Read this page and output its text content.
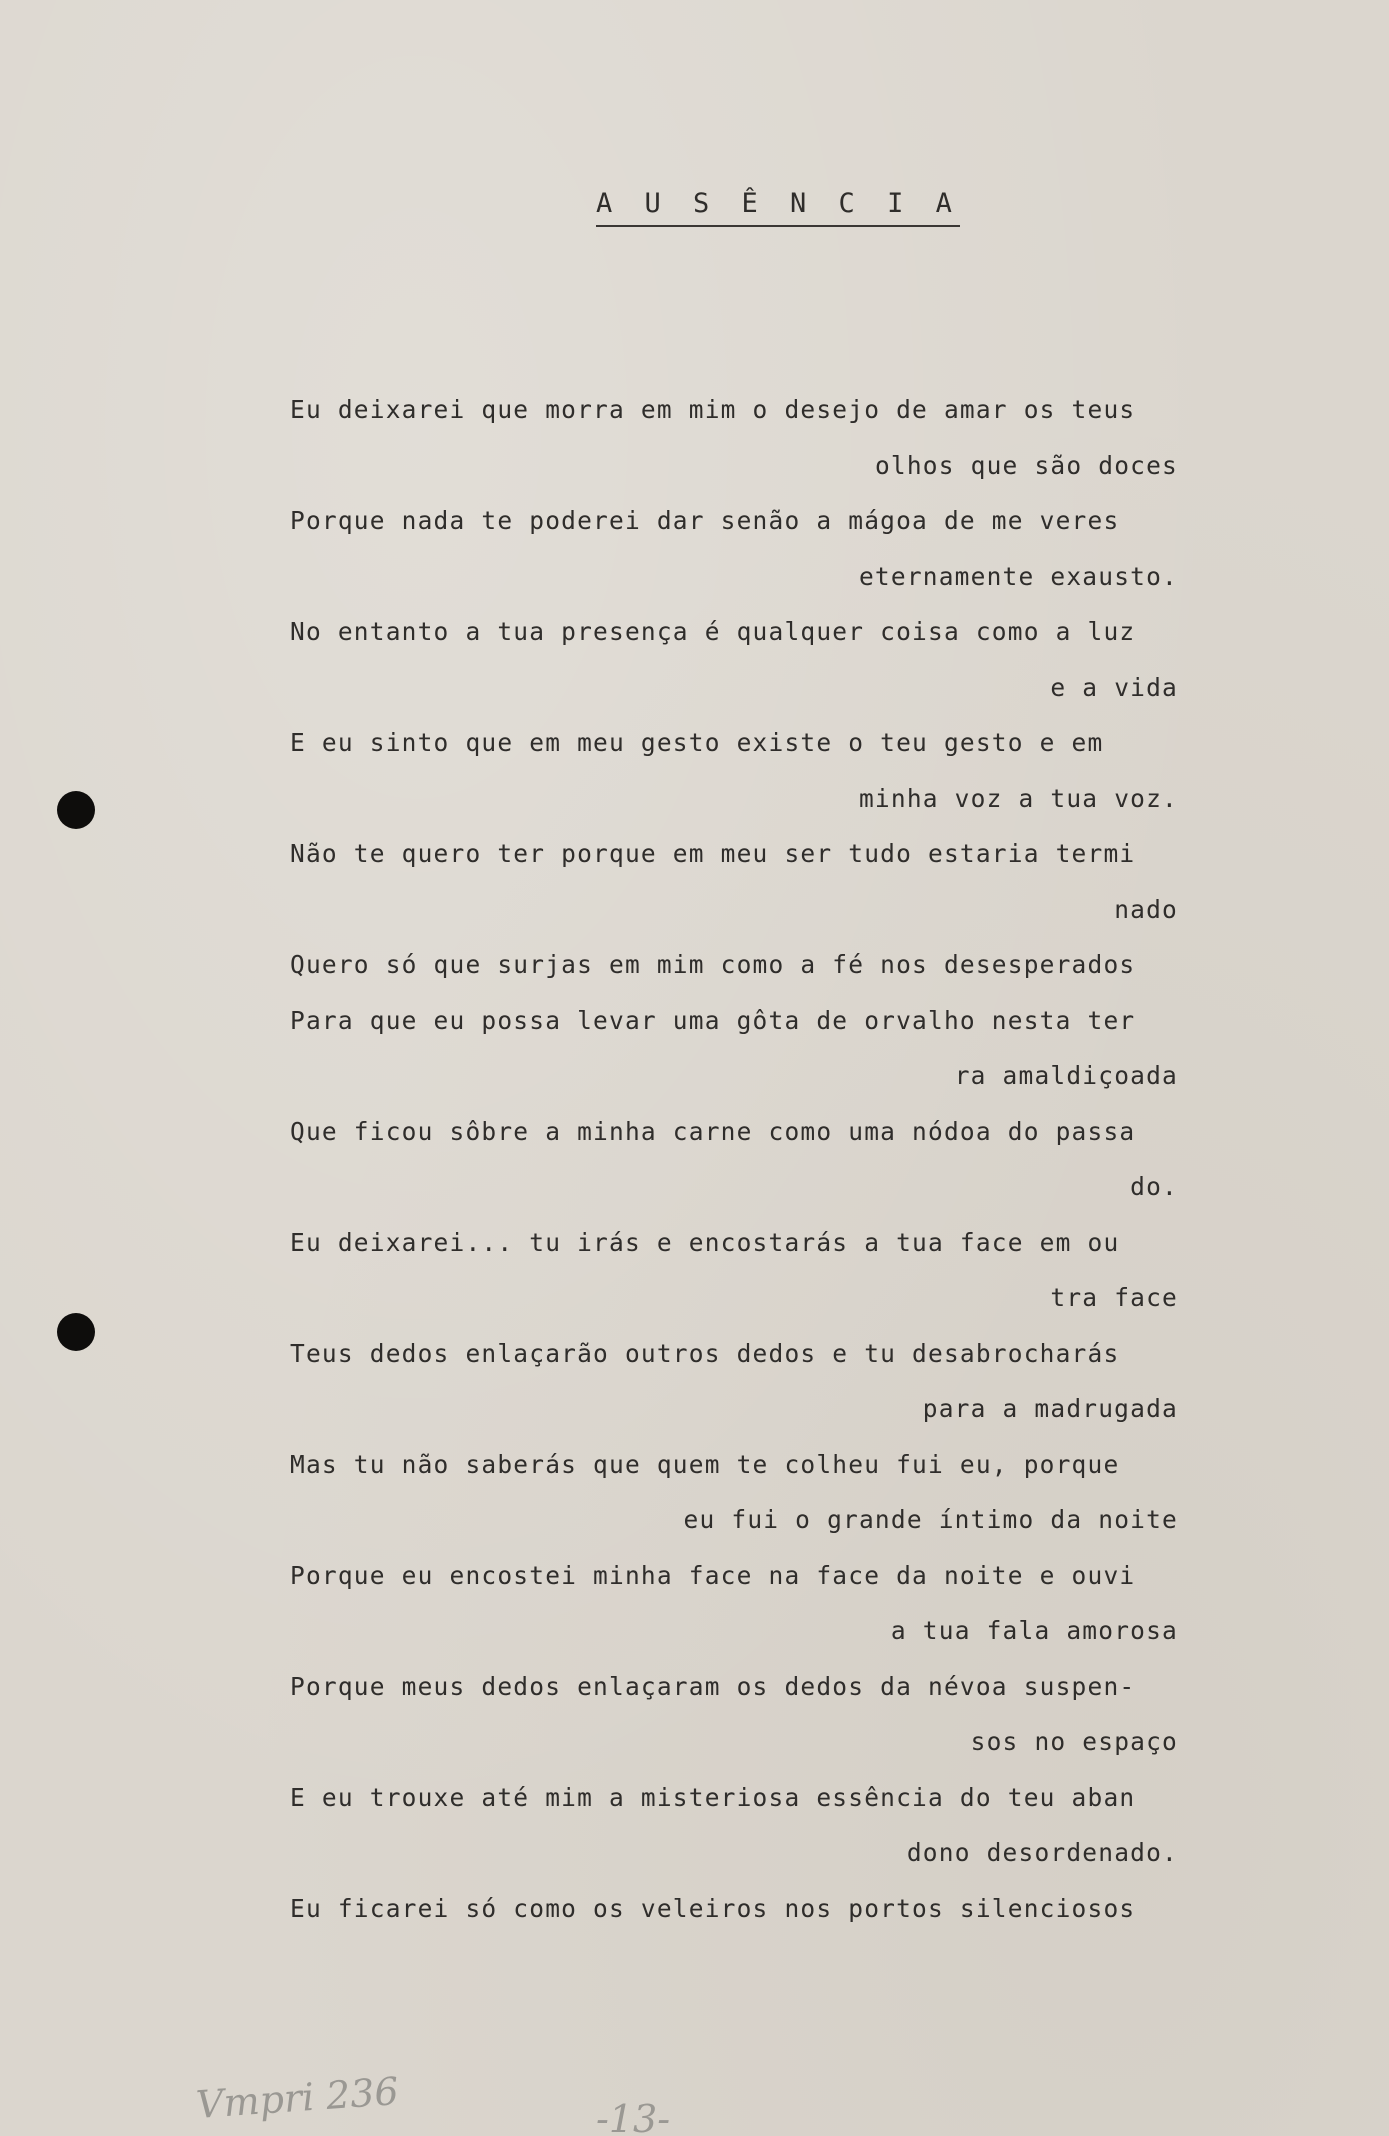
A U S Ê N C I A
Eu deixarei que morra em mim o desejo de amar os teus
olhos que são doces
Porque nada te poderei dar senão a mágoa de me veres
eternamente exausto.
No entanto a tua presença é qualquer coisa como a luz
e a vida
E eu sinto que em meu gesto existe o teu gesto e em
minha voz a tua voz.
Não te quero ter porque em meu ser tudo estaria termi
nado
Quero só que surjas em mim como a fé nos desesperados
Para que eu possa levar uma gôta de orvalho nesta ter
ra amaldiçoada
Que ficou sôbre a minha carne como uma nódoa do passa
do.
Eu deixarei... tu irás e encostarás a tua face em ou
tra face
Teus dedos enlaçarão outros dedos e tu desabrocharás
para a madrugada
Mas tu não saberás que quem te colheu fui eu, porque
eu fui o grande íntimo da noite
Porque eu encostei minha face na face da noite e ouvi
a tua fala amorosa
Porque meus dedos enlaçaram os dedos da névoa suspen-
sos no espaço
E eu trouxe até mim a misteriosa essência do teu aban
dono desordenado.
Eu ficarei só como os veleiros nos portos silenciosos
Vmpri 236	-13-
